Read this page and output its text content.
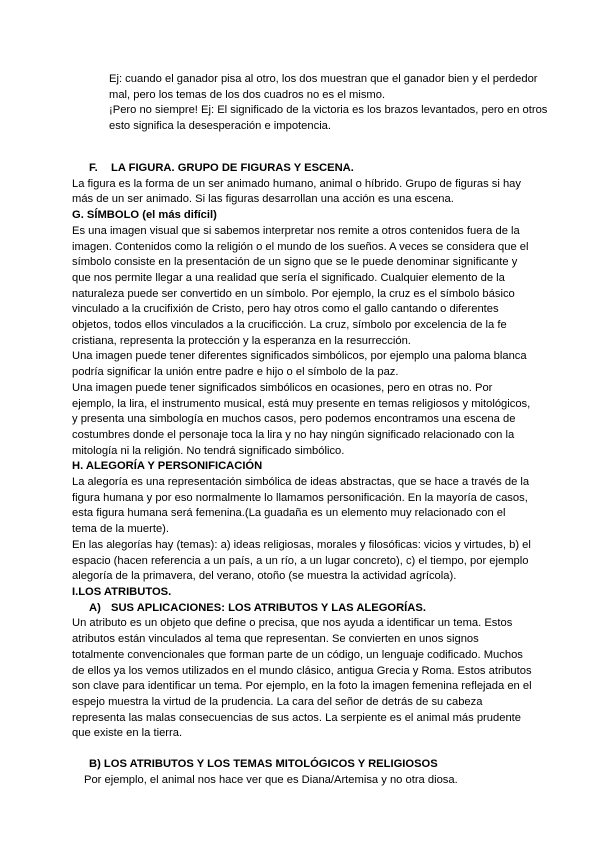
Ej: cuando el ganador pisa al otro, los dos muestran que el ganador bien y el perdedor mal, pero los temas de los dos cuadros no es el mismo.

¡Pero no siempre! Ej: El significado de la victoria es los brazos levantados, pero en otros esto significa la desesperación e impotencia.

F. LA FIGURA. GRUPO DE FIGURAS Y ESCENA.

La figura es la forma de un ser animado humano, animal o híbrido. Grupo de figuras si hay más de un ser animado. Si las figuras desarrollan una acción es una escena.

G. SÍMBOLO (el más difícil)

Es una imagen visual que si sabemos interpretar nos remite a otros contenidos fuera de la imagen. Contenidos como la religión o el mundo de los sueños. A veces se considera que el símbolo consiste en la presentación de un signo que se le puede denominar significante y que nos permite llegar a una realidad que sería el significado. Cualquier elemento de la naturaleza puede ser convertido en un símbolo. Por ejemplo, la cruz es el símbolo básico vinculado a la crucifixión de Cristo, pero hay otros como el gallo cantando o diferentes objetos, todos ellos vinculados a la crucificción. La cruz, símbolo por excelencia de la fe cristiana, representa la protección y la esperanza en la resurrección.

Una imagen puede tener diferentes significados simbólicos, por ejemplo una paloma blanca podría significar la unión entre padre e hijo o el símbolo de la paz.

Una imagen puede tener significados simbólicos en ocasiones, pero en otras no. Por ejemplo, la lira, el instrumento musical, está muy presente en temas religiosos y mitológicos, y presenta una simbología en muchos casos, pero podemos encontramos una escena de costumbres donde el personaje toca la lira y no hay ningún significado relacionado con la mitología ni la religión. No tendrá significado simbólico.

H. ALEGORÍA Y PERSONIFICACIÓN

La alegoría es una representación simbólica de ideas abstractas, que se hace a través de la figura humana y por eso normalmente lo llamamos personificación. En la mayoría de casos, esta figura humana será femenina.(La guadaña es un elemento muy relacionado con el tema de la muerte).

En las alegorías hay (temas): a) ideas religiosas, morales y filosóficas: vicios y virtudes, b) el espacio (hacen referencia a un país, a un río, a un lugar concreto), c) el tiempo, por ejemplo alegoría de la primavera, del verano, otoño (se muestra la actividad agrícola).

I.LOS ATRIBUTOS.

A) SUS APLICACIONES: LOS ATRIBUTOS Y LAS ALEGORÍAS.

Un atributo es un objeto que define o precisa, que nos ayuda a identificar un tema. Estos atributos están vinculados al tema que representan. Se convierten en unos signos totalmente convencionales que forman parte de un código, un lenguaje codificado. Muchos de ellos ya los vemos utilizados en el mundo clásico, antigua Grecia y Roma. Estos atributos son clave para identificar un tema. Por ejemplo, en la foto la imagen femenina reflejada en el espejo muestra la virtud de la prudencia. La cara del señor de detrás de su cabeza representa las malas consecuencias de sus actos. La serpiente es el animal más prudente que existe en la tierra.

B) LOS ATRIBUTOS Y LOS TEMAS MITOLÓGICOS Y RELIGIOSOS

Por ejemplo, el animal nos hace ver que es Diana/Artemisa y no otra diosa.
